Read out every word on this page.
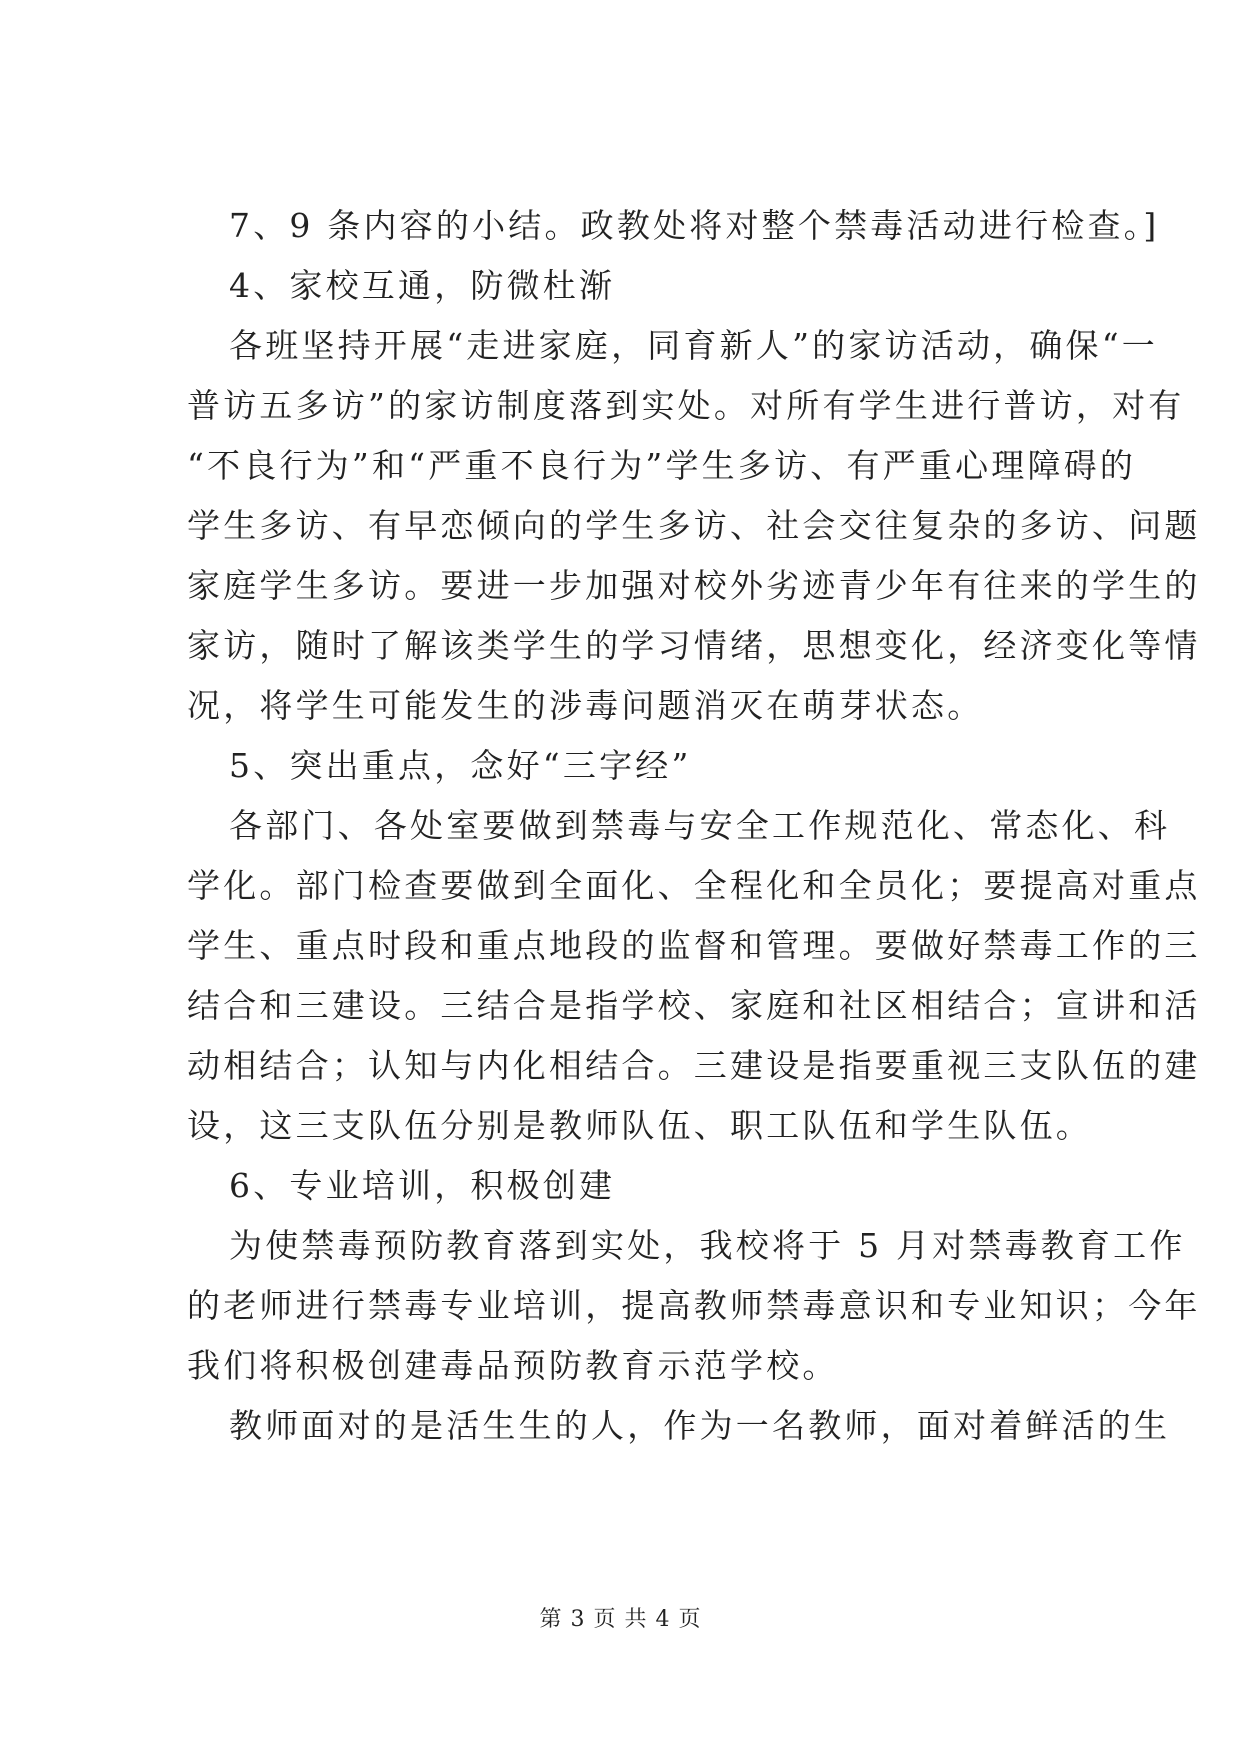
7、9 条内容的小结。政教处将对整个禁毒活动进行检查。]
4、家校互通，防微杜渐
各班坚持开展“走进家庭，同育新人”的家访活动，确保“一
普访五多访”的家访制度落到实处。对所有学生进行普访，对有
“不良行为”和“严重不良行为”学生多访、有严重心理障碍的
学生多访、有早恋倾向的学生多访、社会交往复杂的多访、问题
家庭学生多访。要进一步加强对校外劣迹青少年有往来的学生的
家访，随时了解该类学生的学习情绪，思想变化，经济变化等情
况，将学生可能发生的涉毒问题消灭在萌芽状态。
5、突出重点，念好“三字经”
各部门、各处室要做到禁毒与安全工作规范化、常态化、科
学化。部门检查要做到全面化、全程化和全员化；要提高对重点
学生、重点时段和重点地段的监督和管理。要做好禁毒工作的三
结合和三建设。三结合是指学校、家庭和社区相结合；宣讲和活
动相结合；认知与内化相结合。三建设是指要重视三支队伍的建
设，这三支队伍分别是教师队伍、职工队伍和学生队伍。
6、专业培训，积极创建
为使禁毒预防教育落到实处，我校将于 5 月对禁毒教育工作
的老师进行禁毒专业培训，提高教师禁毒意识和专业知识；今年
我们将积极创建毒品预防教育示范学校。
教师面对的是活生生的人，作为一名教师，面对着鲜活的生
第 3 页 共 4 页
